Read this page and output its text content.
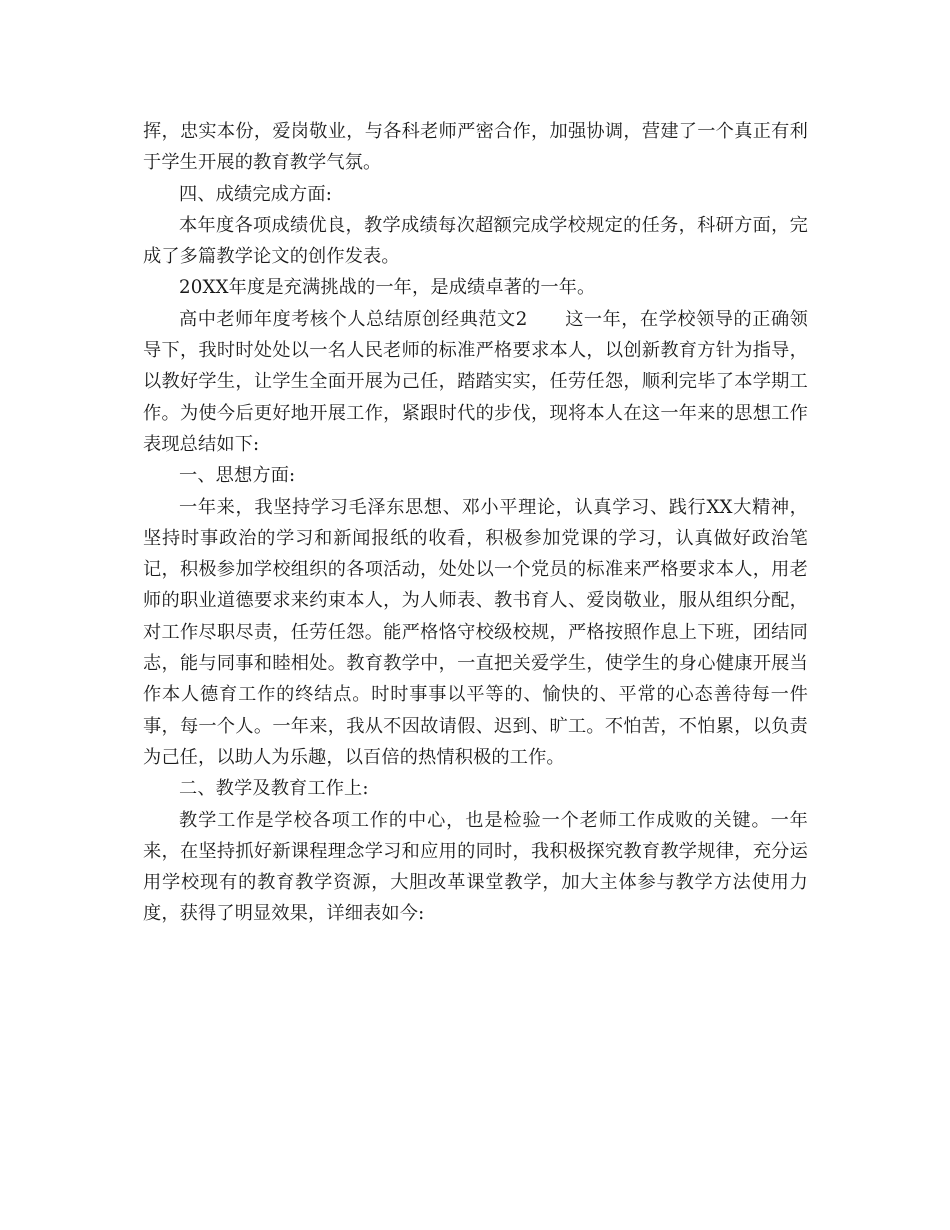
挥，忠实本份，爱岗敬业，与各科老师严密合作，加强协调，营建了一个真正有利于学生开展的教育教学气氛。

四、成绩完成方面:

本年度各项成绩优良，教学成绩每次超额完成学校规定的任务，科研方面，完成了多篇教学论文的创作发表。

20XX年度是充满挑战的一年，是成绩卓著的一年。

高中老师年度考核个人总结原创经典范文2　　这一年，在学校领导的正确领导下，我时时处处以一名人民老师的标准严格要求本人，以创新教育方针为指导，以教好学生，让学生全面开展为己任，踏踏实实，任劳任怨，顺利完毕了本学期工作。为使今后更好地开展工作，紧跟时代的步伐，现将本人在这一年来的思想工作表现总结如下:

一、思想方面:

一年来，我坚持学习毛泽东思想、邓小平理论，认真学习、践行XX大精神，坚持时事政治的学习和新闻报纸的收看，积极参加党课的学习，认真做好政治笔记，积极参加学校组织的各项活动，处处以一个党员的标准来严格要求本人，用老师的职业道德要求来约束本人，为人师表、教书育人、爱岗敬业，服从组织分配，对工作尽职尽责，任劳任怨。能严格恪守校级校规，严格按照作息上下班，团结同志，能与同事和睦相处。教育教学中，一直把关爱学生，使学生的身心健康开展当作本人德育工作的终结点。时时事事以平等的、愉快的、平常的心态善待每一件事，每一个人。一年来，我从不因故请假、迟到、旷工。不怕苦，不怕累，以负责为己任，以助人为乐趣，以百倍的热情积极的工作。

二、教学及教育工作上:

教学工作是学校各项工作的中心，也是检验一个老师工作成败的关键。一年来，在坚持抓好新课程理念学习和应用的同时，我积极探究教育教学规律，充分运用学校现有的教育教学资源，大胆改革课堂教学，加大主体参与教学方法使用力度，获得了明显效果，详细表如今:
